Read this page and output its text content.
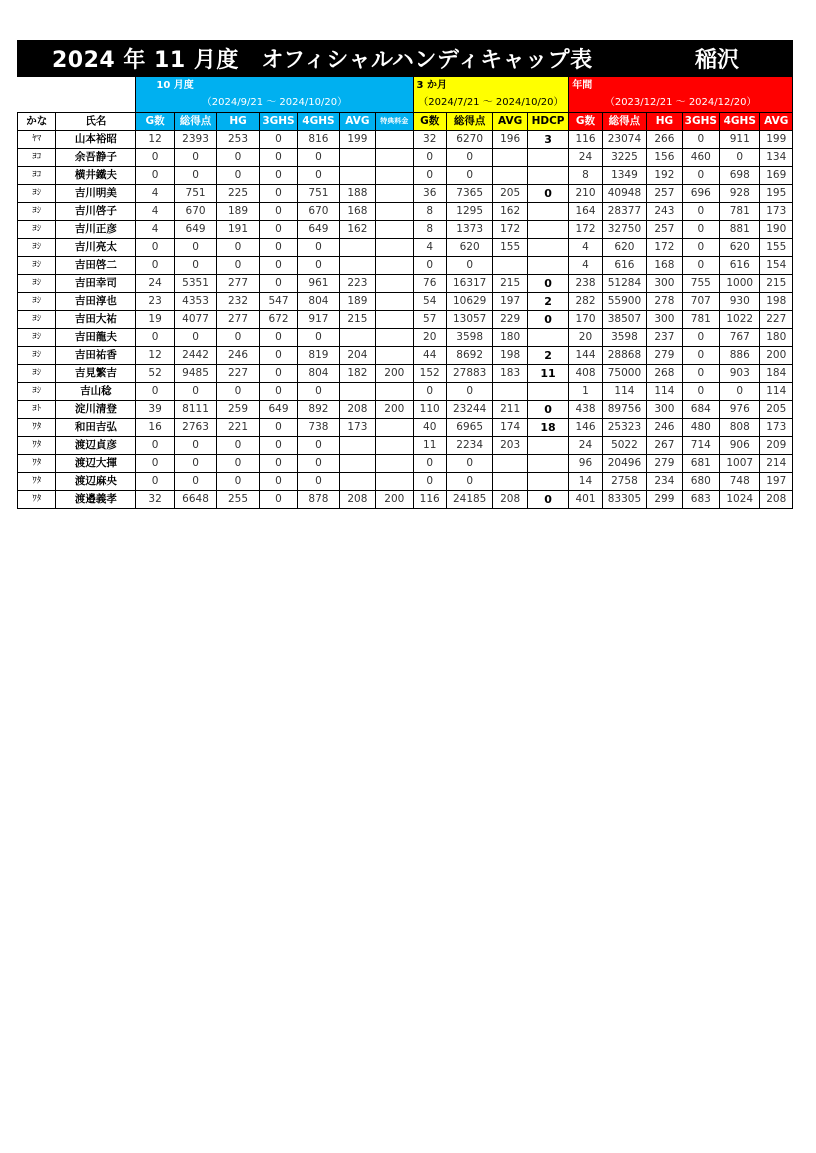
2024 年 11 月度　オフィシャルハンディキャップ表	稲沢
		10 月度							3 か月				年間					
		（2024/9/21 ～ 2024/10/20）							（2024/7/21 ～ 2024/10/20）				（2023/12/21 ～ 2024/12/20）					
かな	氏名	G数	総得点	HG	3GHS	4GHS	AVG	特典料金	G数	総得点	AVG	HDCP	G数	総得点	HG	3GHS	4GHS	AVG
ﾔﾏ	山本裕昭	12	2393	253	0	816	199		32	6270	196	3	116	23074	266	0	911	199
ﾖｺ	余吾静子	0	0	0	0	0			0	0			24	3225	156	460	0	134
ﾖｺ	横井鐵夫	0	0	0	0	0			0	0			8	1349	192	0	698	169
ﾖｼ	吉川明美	4	751	225	0	751	188		36	7365	205	0	210	40948	257	696	928	195
ﾖｼ	吉川啓子	4	670	189	0	670	168		8	1295	162		164	28377	243	0	781	173
ﾖｼ	吉川正彦	4	649	191	0	649	162		8	1373	172		172	32750	257	0	881	190
ﾖｼ	吉川亮太	0	0	0	0	0			4	620	155		4	620	172	0	620	155
ﾖｼ	吉田啓二	0	0	0	0	0			0	0			4	616	168	0	616	154
ﾖｼ	吉田幸司	24	5351	277	0	961	223		76	16317	215	0	238	51284	300	755	1000	215
ﾖｼ	吉田淳也	23	4353	232	547	804	189		54	10629	197	2	282	55900	278	707	930	198
ﾖｼ	吉田大祐	19	4077	277	672	917	215		57	13057	229	0	170	38507	300	781	1022	227
ﾖｼ	吉田龍夫	0	0	0	0	0			20	3598	180		20	3598	237	0	767	180
ﾖｼ	吉田祐香	12	2442	246	0	819	204		44	8692	198	2	144	28868	279	0	886	200
ﾖｼ	吉見繁吉	52	9485	227	0	804	182	200	152	27883	183	11	408	75000	268	0	903	184
ﾖｼ	吉山稔	0	0	0	0	0			0	0			1	114	114	0	0	114
ﾖﾄ	淀川清登	39	8111	259	649	892	208	200	110	23244	211	0	438	89756	300	684	976	205
ﾜﾀ	和田吉弘	16	2763	221	0	738	173		40	6965	174	18	146	25323	246	480	808	173
ﾜﾀ	渡辺貞彦	0	0	0	0	0			11	2234	203		24	5022	267	714	906	209
ﾜﾀ	渡辺大揮	0	0	0	0	0			0	0			96	20496	279	681	1007	214
ﾜﾀ	渡辺麻央	0	0	0	0	0			0	0			14	2758	234	680	748	197
ﾜﾀ	渡邉義孝	32	6648	255	0	878	208	200	116	24185	208	0	401	83305	299	683	1024	208
